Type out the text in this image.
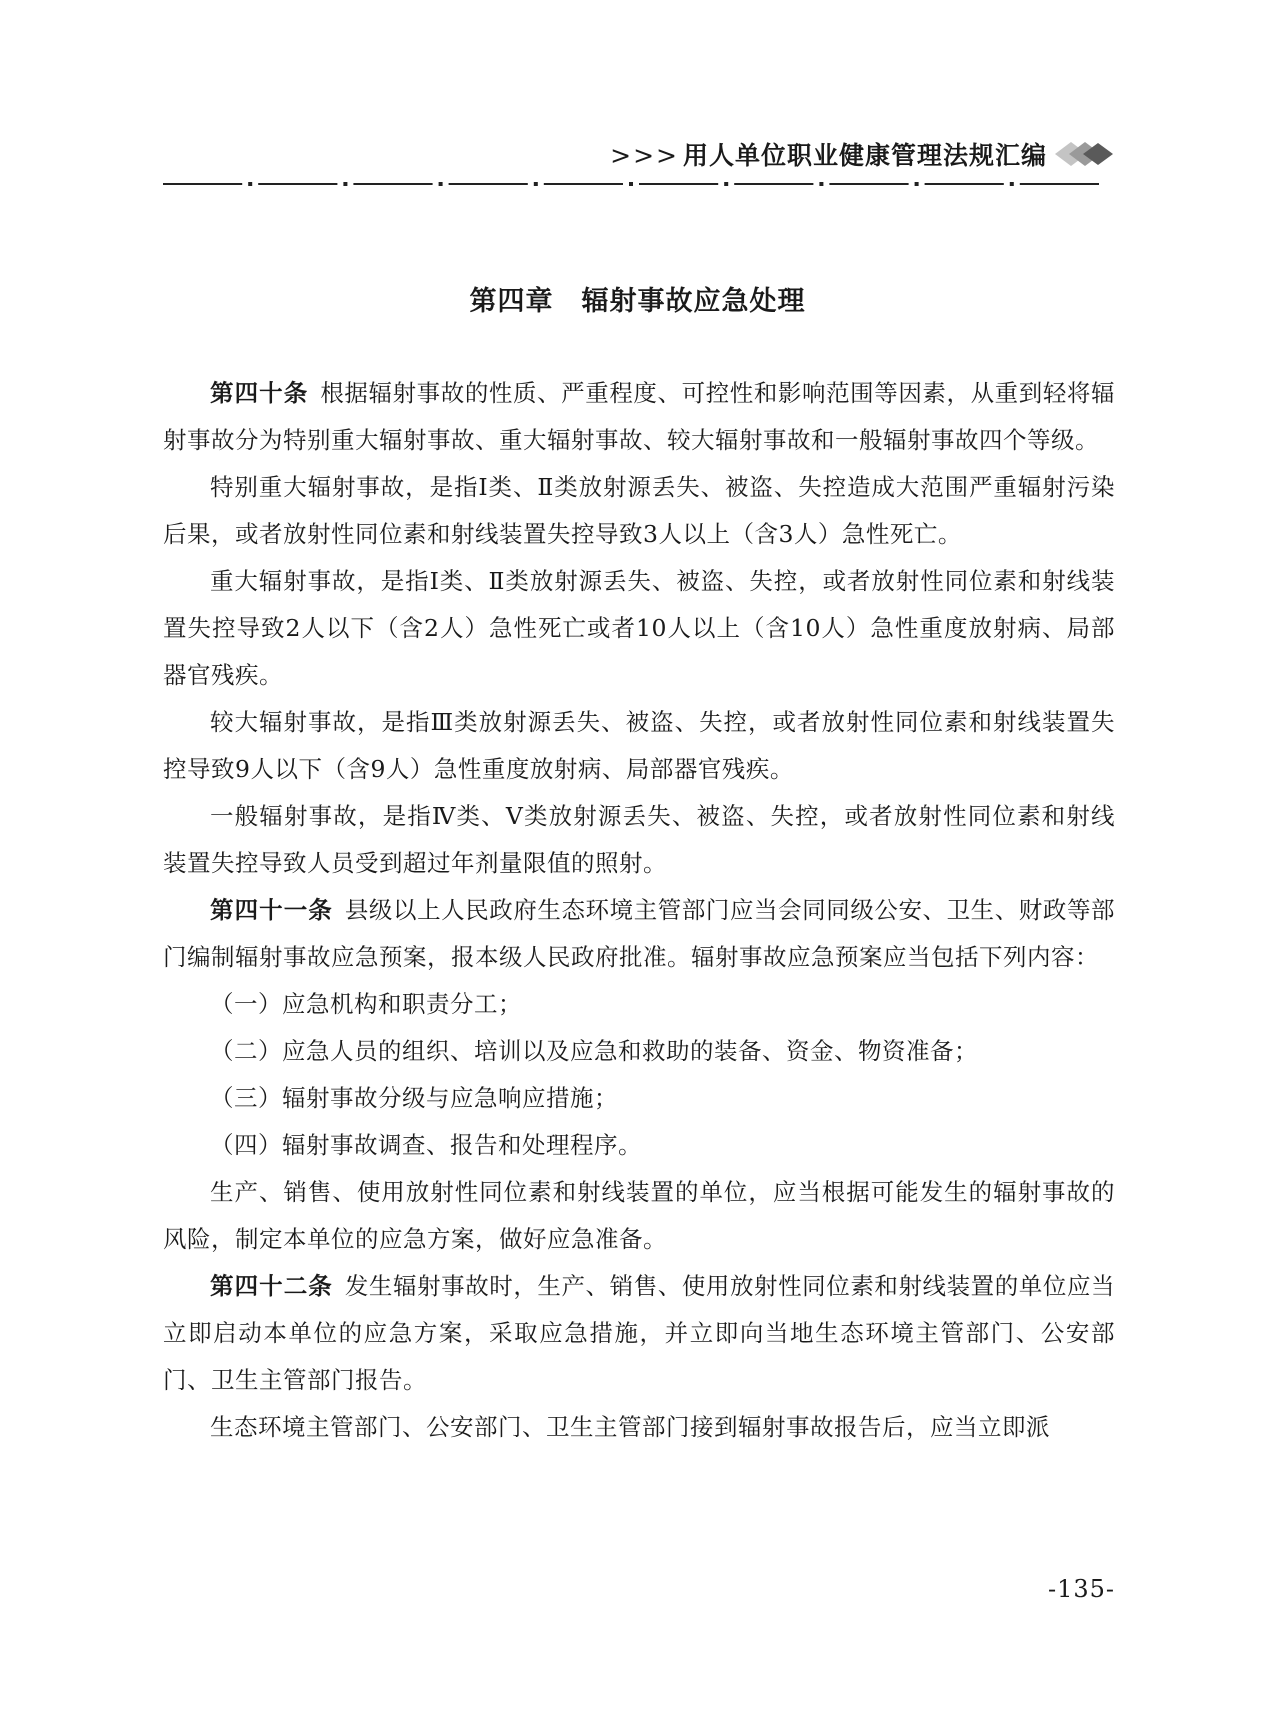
>>> 用人单位职业健康管理法规汇编
第四章　辐射事故应急处理

第四十条 根据辐射事故的性质、严重程度、可控性和影响范围等因素，从重到轻将辐射事故分为特别重大辐射事故、重大辐射事故、较大辐射事故和一般辐射事故四个等级。

特别重大辐射事故，是指Ⅰ类、Ⅱ类放射源丢失、被盗、失控造成大范围严重辐射污染后果，或者放射性同位素和射线装置失控导致3人以上（含3人）急性死亡。

重大辐射事故，是指Ⅰ类、Ⅱ类放射源丢失、被盗、失控，或者放射性同位素和射线装置失控导致2人以下（含2人）急性死亡或者10人以上（含10人）急性重度放射病、局部器官残疾。

较大辐射事故，是指Ⅲ类放射源丢失、被盗、失控，或者放射性同位素和射线装置失控导致9人以下（含9人）急性重度放射病、局部器官残疾。

一般辐射事故，是指Ⅳ类、Ⅴ类放射源丢失、被盗、失控，或者放射性同位素和射线装置失控导致人员受到超过年剂量限值的照射。

第四十一条 县级以上人民政府生态环境主管部门应当会同同级公安、卫生、财政等部门编制辐射事故应急预案，报本级人民政府批准。辐射事故应急预案应当包括下列内容：

（一）应急机构和职责分工；

（二）应急人员的组织、培训以及应急和救助的装备、资金、物资准备；

（三）辐射事故分级与应急响应措施；

（四）辐射事故调查、报告和处理程序。

生产、销售、使用放射性同位素和射线装置的单位，应当根据可能发生的辐射事故的风险，制定本单位的应急方案，做好应急准备。

第四十二条 发生辐射事故时，生产、销售、使用放射性同位素和射线装置的单位应当立即启动本单位的应急方案，采取应急措施，并立即向当地生态环境主管部门、公安部门、卫生主管部门报告。

生态环境主管部门、公安部门、卫生主管部门接到辐射事故报告后，应当立即派

-135-
